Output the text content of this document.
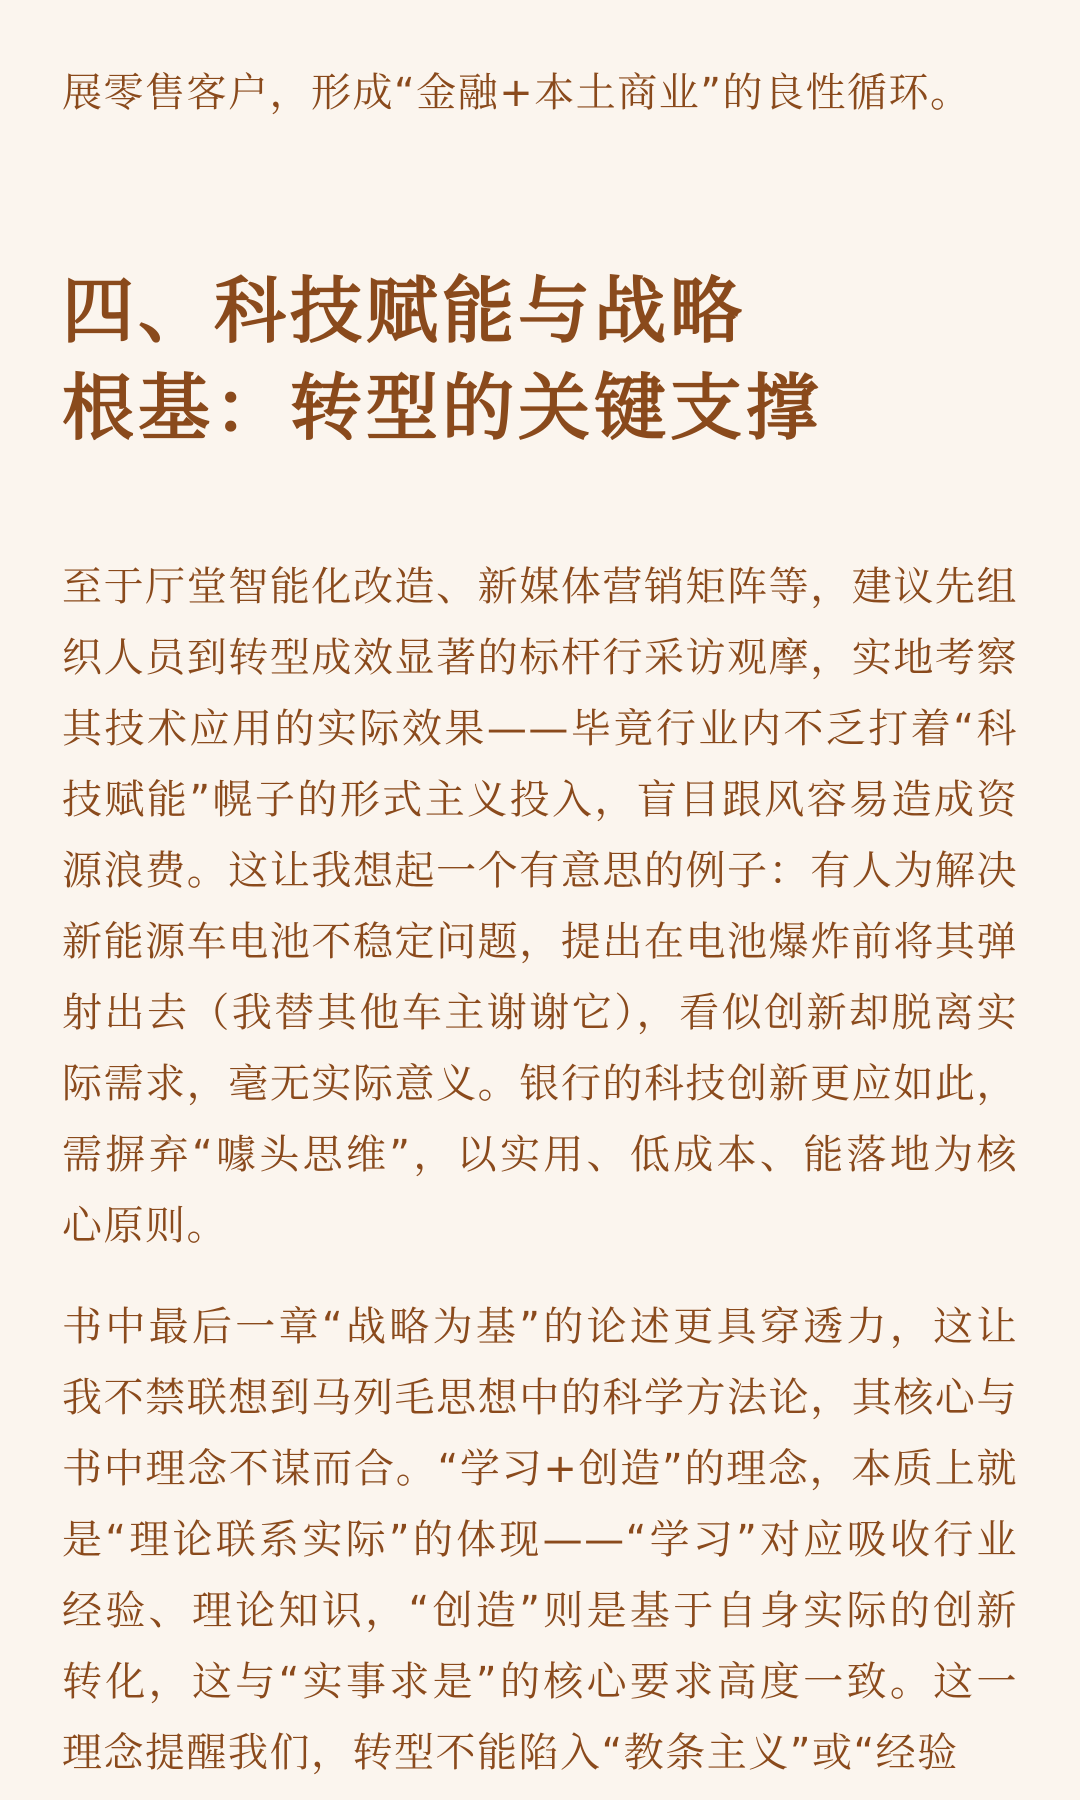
展零售客户，形成“金融+本土商业”的良性循环。

四、科技赋能与战略
根基：转型的关键支撑

至于厅堂智能化改造、新媒体营销矩阵等，建议先组织人员到转型成效显著的标杆行采访观摩，实地考察其技术应用的实际效果——毕竟行业内不乏打着“科技赋能”幌子的形式主义投入，盲目跟风容易造成资源浪费。这让我想起一个有意思的例子：有人为解决新能源车电池不稳定问题，提出在电池爆炸前将其弹射出去（我替其他车主谢谢它），看似创新却脱离实际需求，毫无实际意义。银行的科技创新更应如此，需摒弃“噱头思维”，以实用、低成本、能落地为核心原则。

书中最后一章“战略为基”的论述更具穿透力，这让我不禁联想到马列毛思想中的科学方法论，其核心与书中理念不谋而合。“学习+创造”的理念，本质上就是“理论联系实际”的体现——“学习”对应吸收行业经验、理论知识，“创造”则是基于自身实际的创新转化，这与“实事求是”的核心要求高度一致。这一理念提醒我们，转型不能陷入“教条主义”或“经验
